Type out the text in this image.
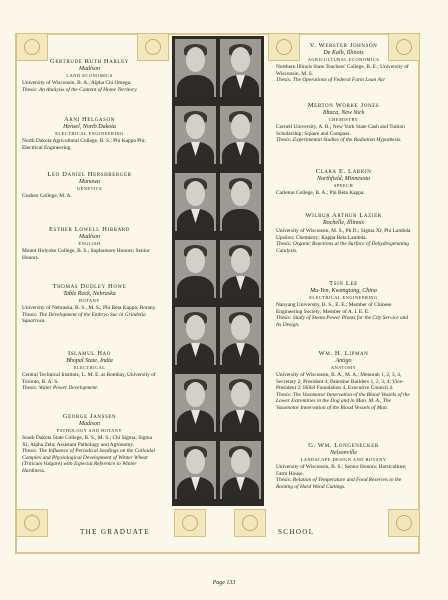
Gertrude Ruth Harley
Madison
LAND ECONOMICS
University of Wisconsin, B. A.; Alpha Chi Omega.
Thesis: An Analysis of the Content of Home Territory.
Arni Helgason
Hensel, North Dakota
ELECTRICAL ENGINEERING
North Dakota Agricultural College, B. S.; Phi Kappa Phi; Electrical Engineering.
Leo Daniel Hershberger
Manawa
GENETICS
Goshen College, M. A.
Esther Lowell Hibbard
Madison
ENGLISH
Mount Holyoke College, B. S.; Sophomore Honors; Senior Honors.
Thomas Dudley Howe
Table Rock, Nebraska
BOTANY
University of Nebraska, B. S., M. S.; Phi Beta Kappa; Botany.
Thesis: The Development of the Embryo Sac in Grindelia Squarrosa.
Islamul Hao
Bhopal State, India
ELECTRICAL
Central Technical Institute, L. M. E. at Bombay, University of Toronto, B. A. S.
Thesis: Water Power Development.
George Janssen
Madison
PATHOLOGY AND BOTANY
South Dakota State College, B. S., M. S.; Chi Sigma; Sigma Xi; Alpha Zeta; Assistant Pathology and Agronomy.
Thesis: The Influence of Periodical Seedings on the Colloidal Complex and Physiological Development of Winter Wheat (Triticum Vulgare) with Especial Reference to Winter Hardiness.
V. Webster Johnson
De Kalb, Illinois
AGRICULTURAL ECONOMICS
Northern Illinois State Teachers' College, B. E.; University of Wisconsin, M. S.
Thesis: The Operations of Federal Farm Loan Act
Merton Worke Jones
Ithaca, New York
CHEMISTRY
Cornell University, A. B.; New York State Cash and Tuition Scholarship; Square and Compass.
Thesis: Experimental Studies of the Radiation Hypothesis.
Clara E. Larkin
Northfield, Minnesota
SPEECH
Carleton College, B. A.; Phi Beta Kappa.
Wilbur Arthur Lazier
Rochelle, Illinois
University of Wisconsin, M. S., Ph D.; Sigma Xi; Phi Lambda Upsilon; Chemistry; Kappa Beta Lambda.
Thesis: Organic Reactions at the Surface of Dehydrogenating Catalysts.
Tsin Lee
Mu-Yen, Kwangtung, China
ELECTRICAL ENGINEERING
Nanyang University, B. S., E. E.; Member of Chinese Engineering Society; Member of A. I. E. E.
Thesis: Study of Steam Power Plants for the City Service and Its Design.
Wm. H. Lipman
Antigo
ANATOMY
University of Wisconsin, B. A., M. A.; Menorah 1, 2, 3, 4, Secretary 2, President 4; Palestine Builders 1, 2, 3, 4; Vice-President 2; Hillel Foundation 4, Executive Council 4.
Thesis: The Vasomotor Innervation of the Blood Vessels of the Lower Extremities in the Dog and in Man. M. A., The Vasomotor Innervation of the Blood Vessels of Man.
G. Wm. Longenecker
Nelsonville
LANDSCAPE DESIGN AND BOTANY
University of Wisconsin, B. S.; Senior Honors; Horticulture; Farm House.
Thesis: Relation of Temperature and Food Reserves to the Rooting of Hard Wood Cuttings.
THE GRADUATE	SCHOOL
Page 133
